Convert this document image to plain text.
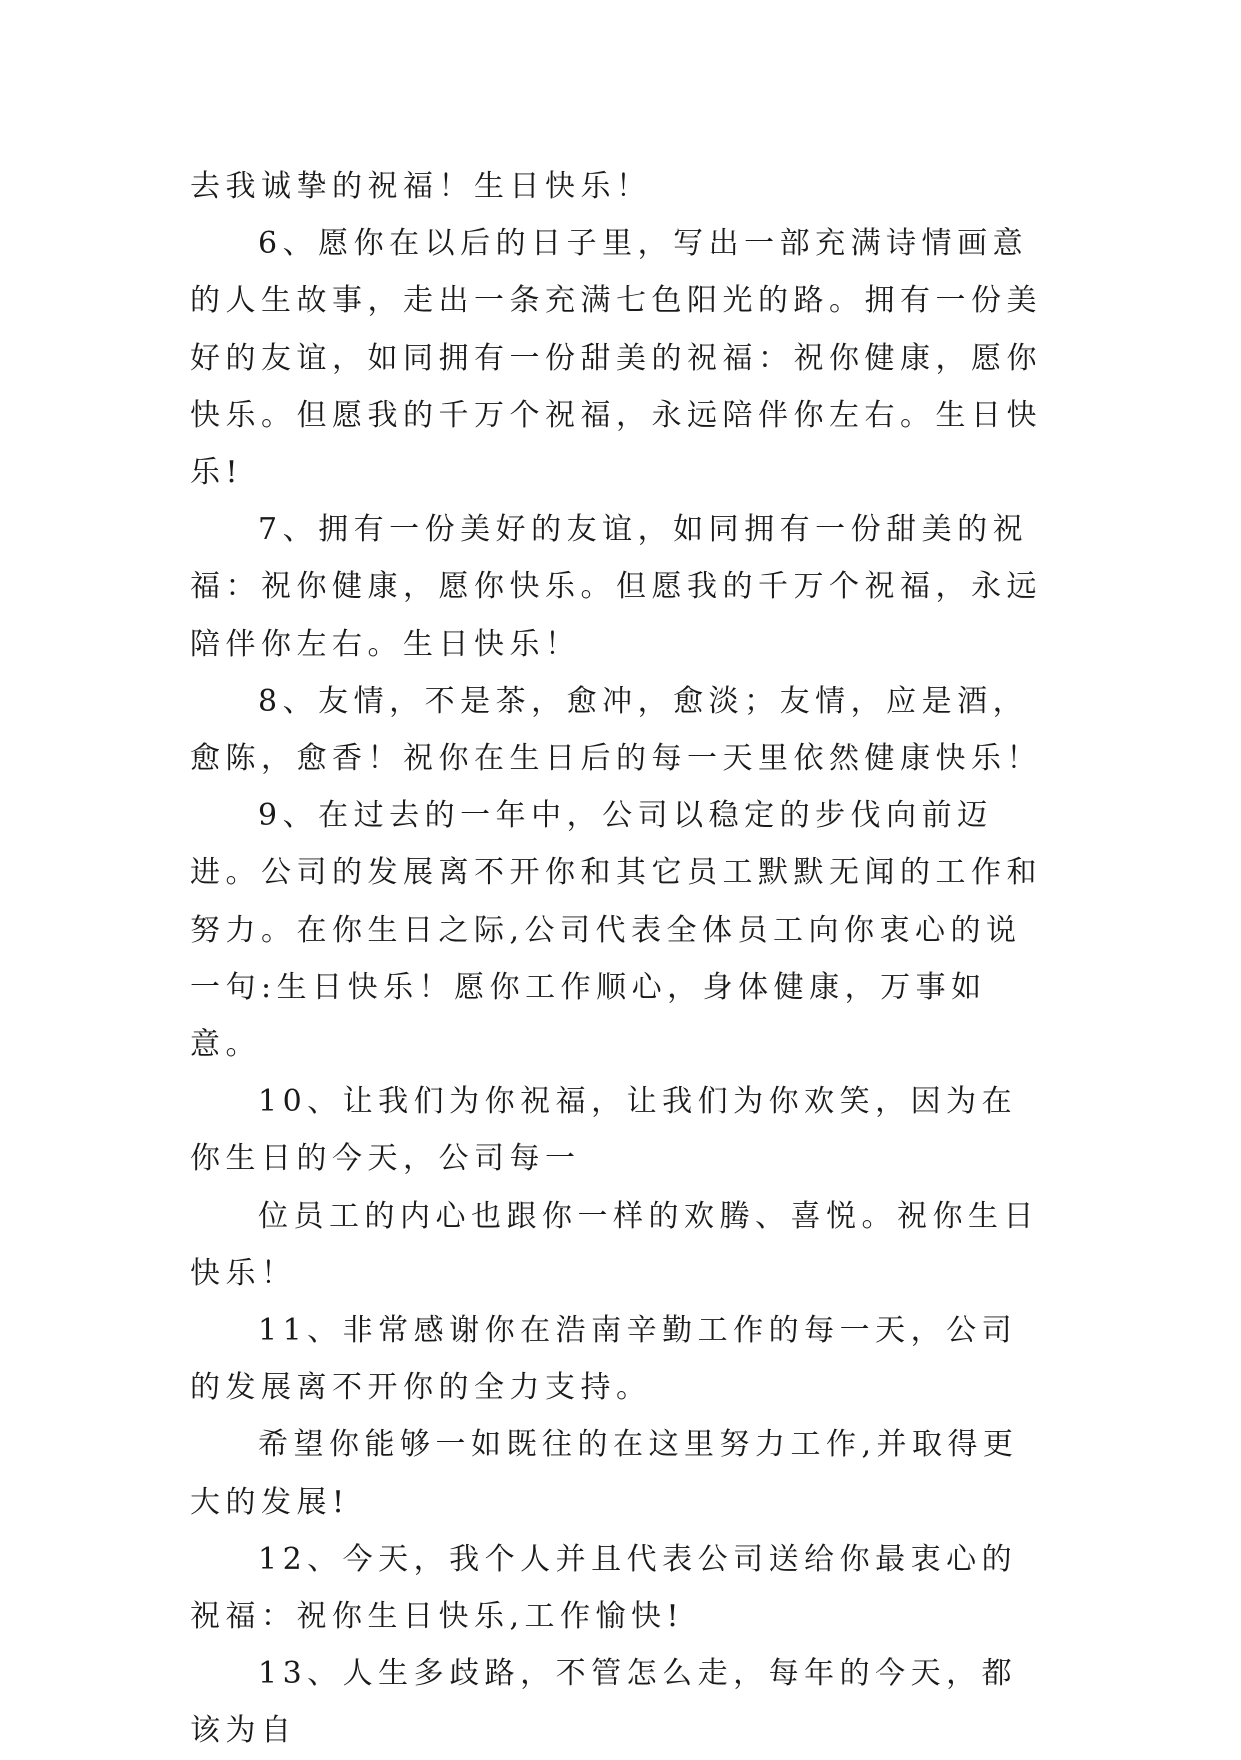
去我诚挚的祝福！生日快乐！

6、愿你在以后的日子里，写出一部充满诗情画意的人生故事，走出一条充满七色阳光的路。拥有一份美好的友谊，如同拥有一份甜美的祝福：祝你健康，愿你快乐。但愿我的千万个祝福，永远陪伴你左右。生日快乐!

7、拥有一份美好的友谊，如同拥有一份甜美的祝福：祝你健康，愿你快乐。但愿我的千万个祝福，永远陪伴你左右。生日快乐！

8、友情，不是茶，愈冲，愈淡；友情，应是酒，愈陈，愈香！祝你在生日后的每一天里依然健康快乐！

9、在过去的一年中，公司以稳定的步伐向前迈进。公司的发展离不开你和其它员工默默无闻的工作和努力。在你生日之际,公司代表全体员工向你衷心的说一句:生日快乐！愿你工作顺心，身体健康，万事如意。

10、让我们为你祝福，让我们为你欢笑，因为在你生日的今天，公司每一

位员工的内心也跟你一样的欢腾、喜悦。祝你生日快乐！

11、非常感谢你在浩南辛勤工作的每一天，公司的发展离不开你的全力支持。

希望你能够一如既往的在这里努力工作,并取得更大的发展!

12、今天，我个人并且代表公司送给你最衷心的祝福：祝你生日快乐,工作愉快!

13、人生多歧路，不管怎么走，每年的今天，都该为自
